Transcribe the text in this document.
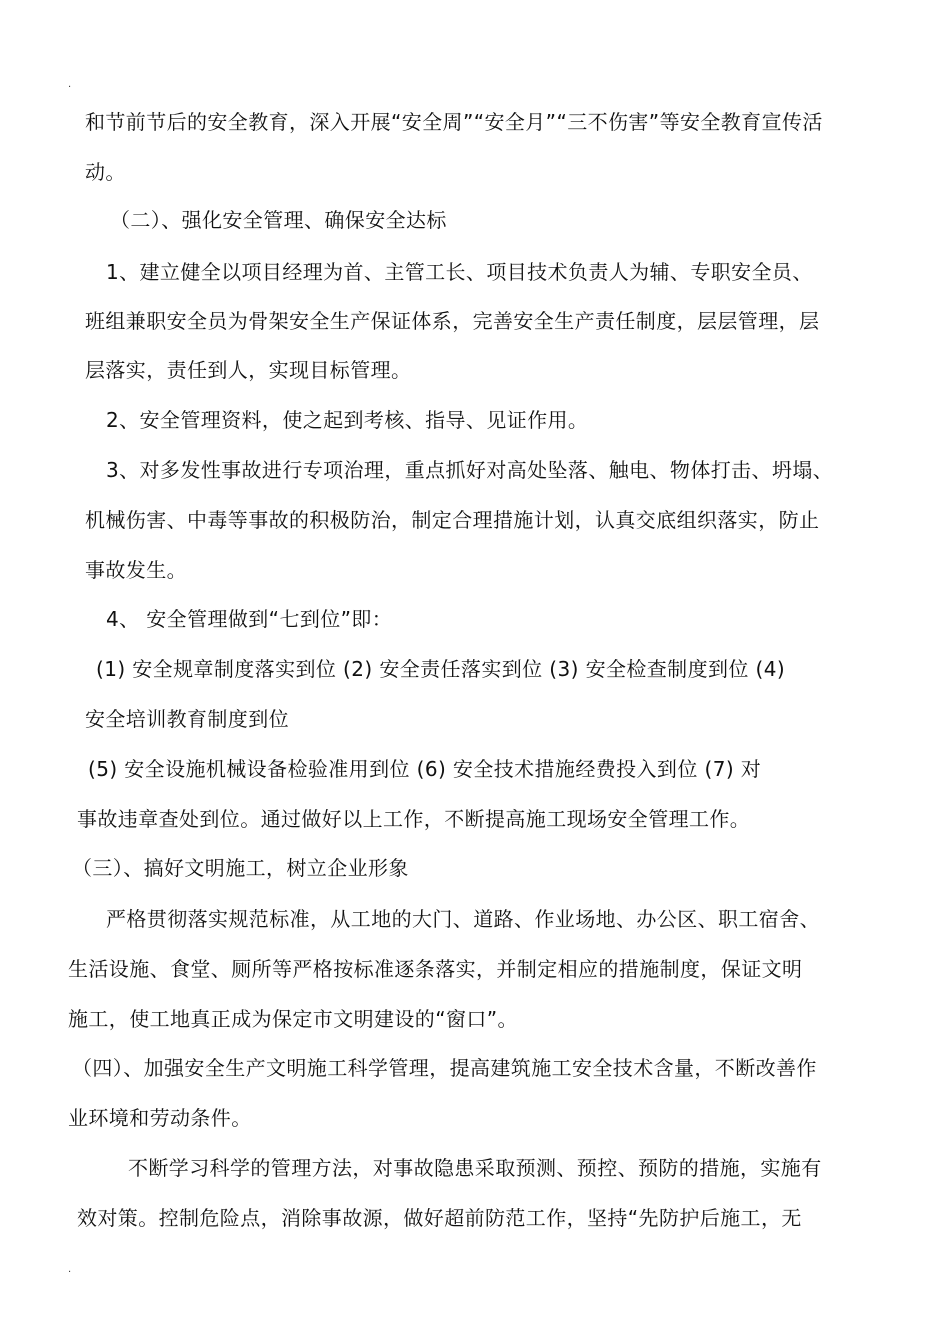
.
和节前节后的安全教育，深入开展“安全周”“安全月”“三不伤害”等安全教育宣传活
动。
（二）、强化安全管理、确保安全达标
1、建立健全以项目经理为首、主管工长、项目技术负责人为辅、专职安全员、
班组兼职安全员为骨架安全生产保证体系，完善安全生产责任制度，层层管理，层
层落实，责任到人，实现目标管理。
2、安全管理资料，使之起到考核、指导、见证作用。
3、对多发性事故进行专项治理，重点抓好对高处坠落、触电、物体打击、坍塌、
机械伤害、中毒等事故的积极防治，制定合理措施计划，认真交底组织落实，防止
事故发生。
4、 安全管理做到“七到位”即：
(1) 安全规章制度落实到位 (2) 安全责任落实到位 (3) 安全检查制度到位 (4)
安全培训教育制度到位
(5) 安全设施机械设备检验准用到位 (6) 安全技术措施经费投入到位 (7) 对
事故违章查处到位。通过做好以上工作，不断提高施工现场安全管理工作。
（三）、搞好文明施工，树立企业形象
严格贯彻落实规范标准，从工地的大门、道路、作业场地、办公区、职工宿舍、
生活设施、食堂、厕所等严格按标准逐条落实，并制定相应的措施制度，保证文明
施工，使工地真正成为保定市文明建设的“窗口”。
（四）、加强安全生产文明施工科学管理，提高建筑施工安全技术含量，不断改善作
业环境和劳动条件。
不断学习科学的管理方法，对事故隐患采取预测、预控、预防的措施，实施有
效对策。控制危险点，消除事故源，做好超前防范工作，坚持“先防护后施工，无
.
